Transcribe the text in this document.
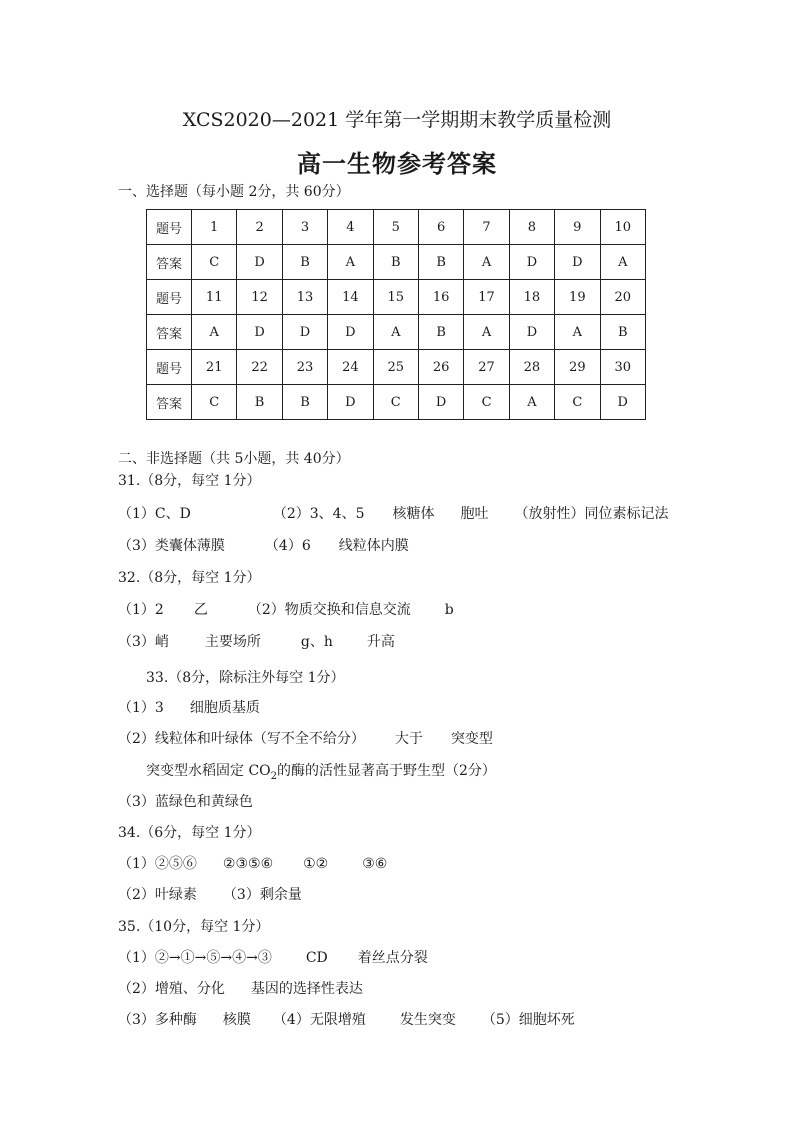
XCS2020—2021 学年第一学期期末教学质量检测
高一生物参考答案
一、选择题（每小题 2分，共 60分）
题号	1	2	3	4	5	6	7	8	9	10
答案	C	D	B	A	B	B	A	D	D	A
题号	11	12	13	14	15	16	17	18	19	20
答案	A	D	D	D	A	B	A	D	A	B
题号	21	22	23	24	25	26	27	28	29	30
答案	C	B	B	D	C	D	C	A	C	D
二、非选择题（共 5小题，共 40分）
31.（8分，每空 1分）
（1）C、D	（2）3、4、5 核糖体 胞吐 （放射性）同位素标记法
（3）类囊体薄膜	（4）6 线粒体内膜
32.（8分，每空 1分）
（1）2 乙	（2）物质交换和信息交流 b
（3）峭	主要场所	g、h 升高
33.（8分，除标注外每空 1分）
（1）3 细胞质基质
（2）线粒体和叶绿体（写不全不给分） 大于 突变型
突变型水稻固定 $CO_2$的酶的活性显著高于野生型（2分）
（3）蓝绿色和黄绿色
34.（6分，每空 1分）
（1）②⑤⑥ ②③⑤⑥ ①② ③⑥
（2）叶绿素 （3）剩余量
35.（10分，每空 1分）
（1）②→①→⑤→④→③ CD 着丝点分裂
（2）增殖、分化 基因的选择性表达
（3）多种酶 核膜 （4）无限增殖 发生突变 （5）细胞坏死
